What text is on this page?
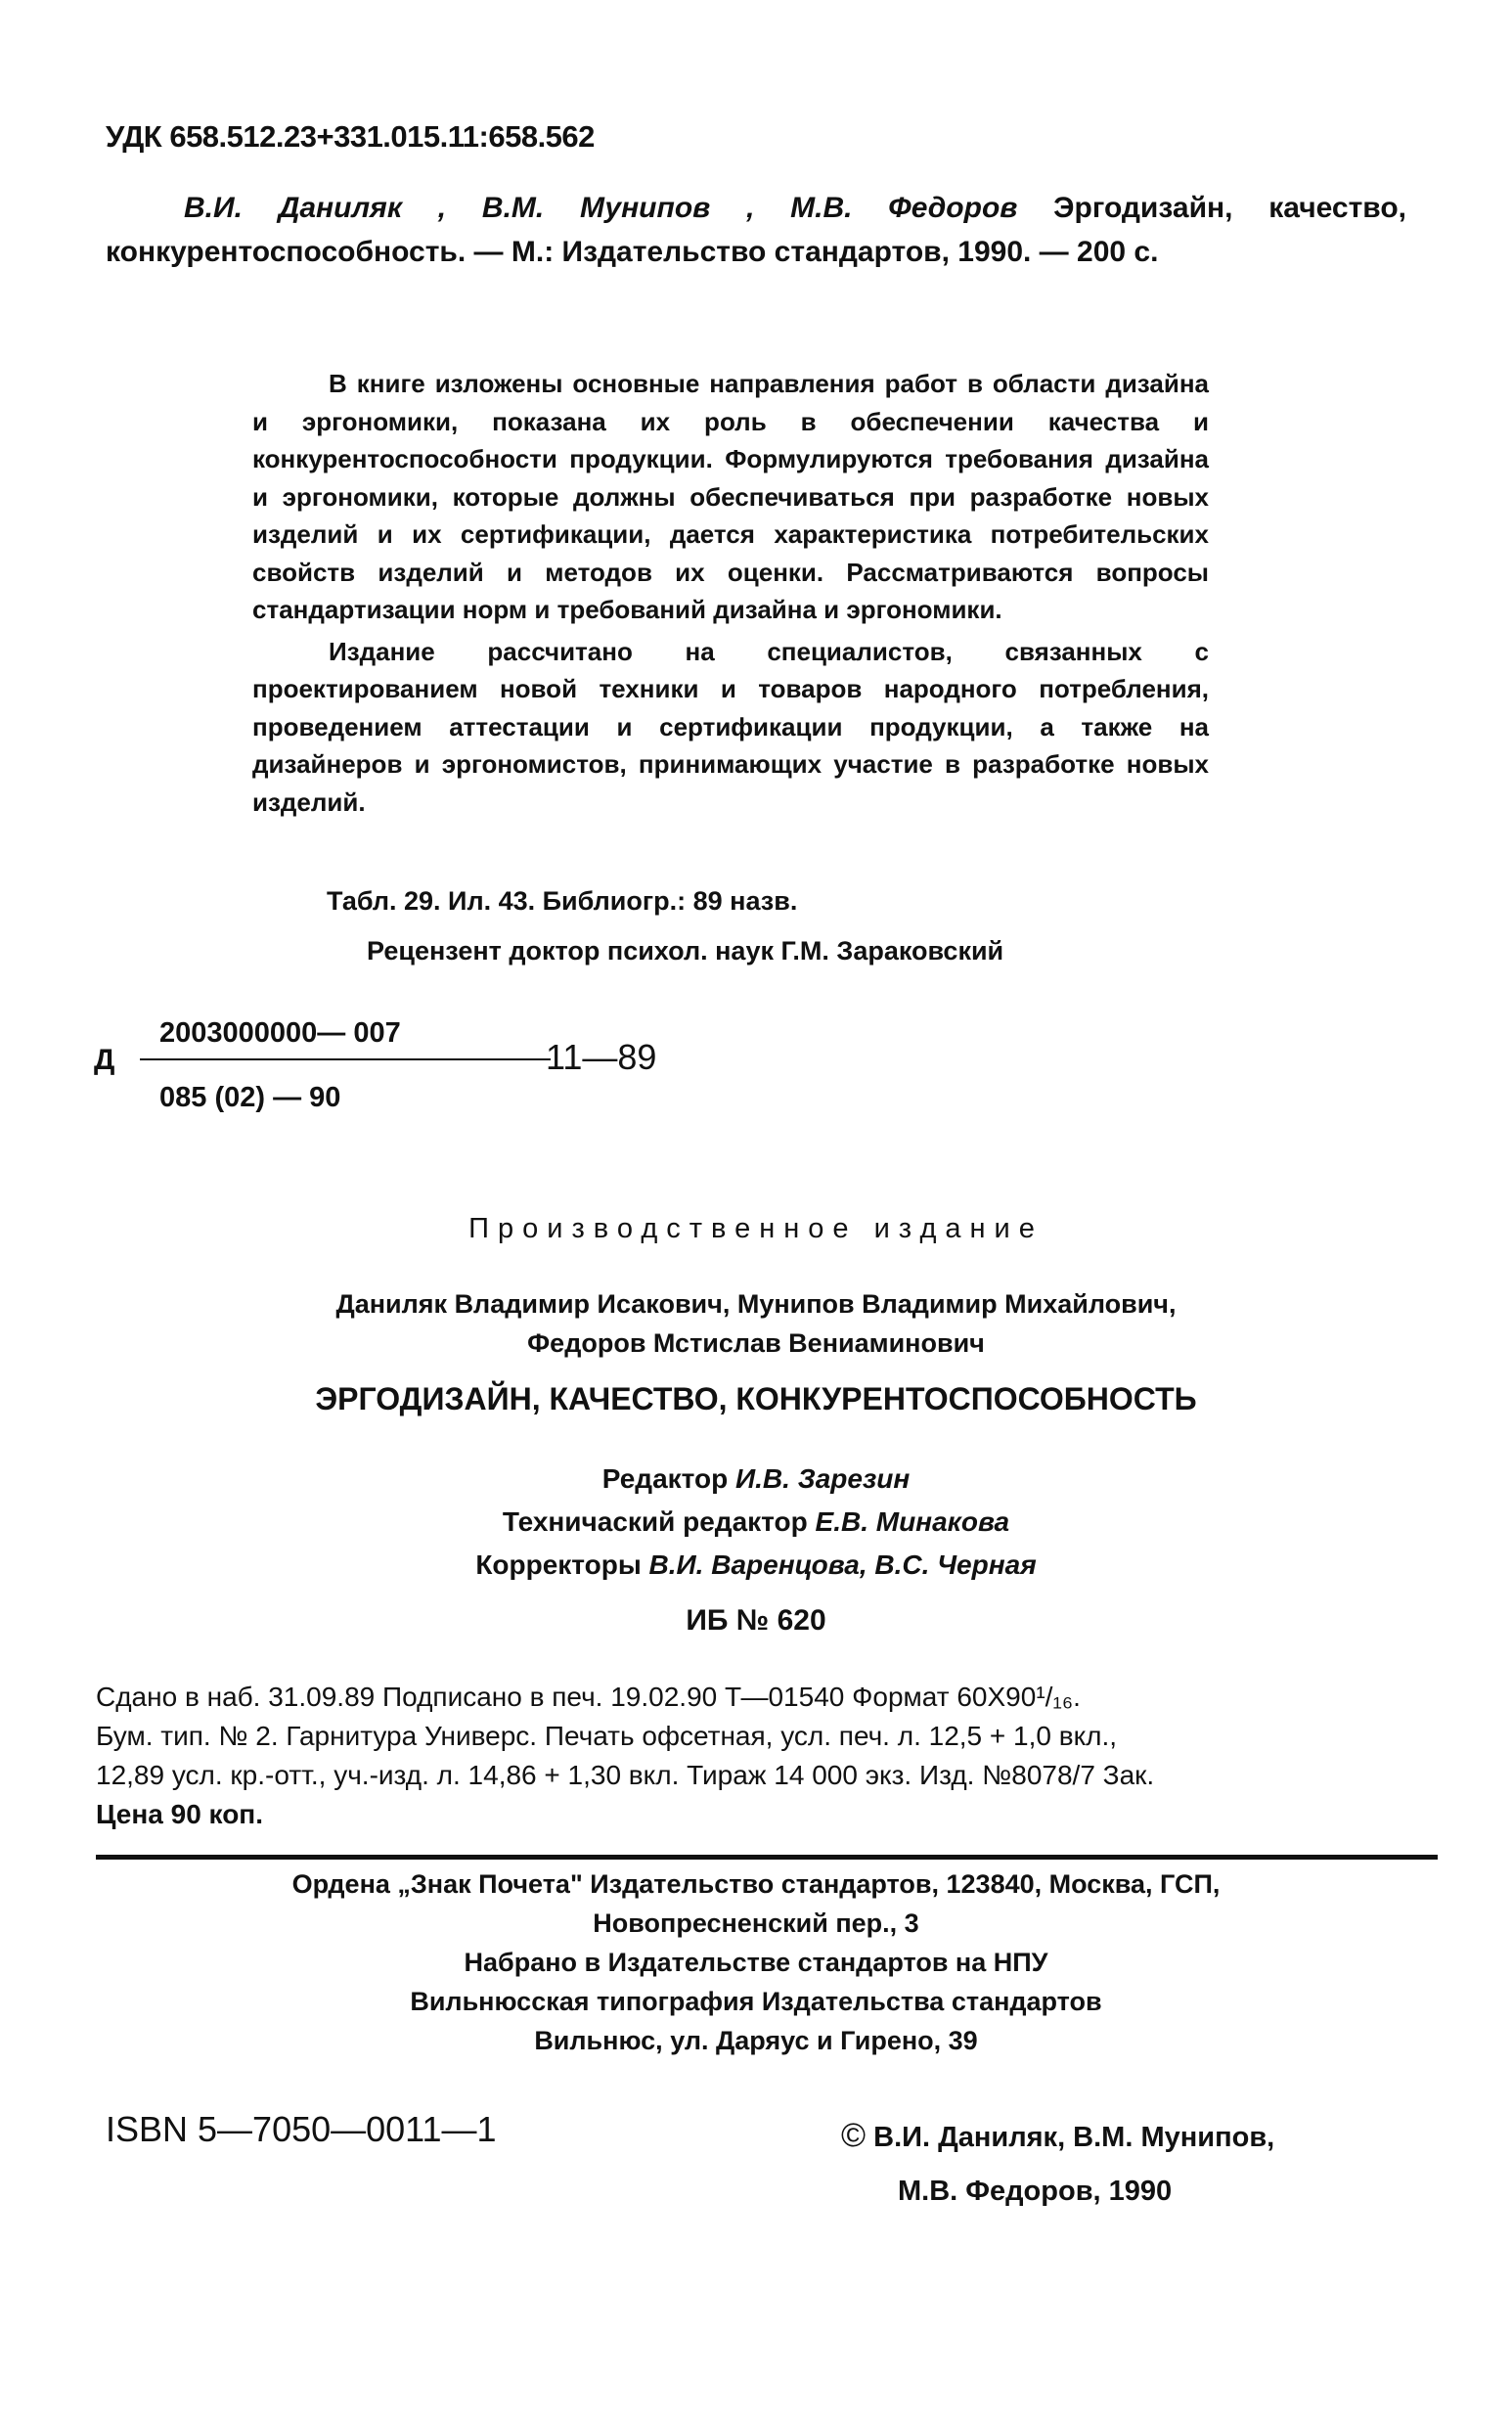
УДК 658.512.23+331.015.11:658.562
В.И. Даниляк , В.М. Мунипов , М.В. Федоров Эргодизайн, качество, конкурентоспособность. — М.: Издательство стандартов, 1990. — 200 с.

В книге изложены основные направления работ в области дизайна и эргономики, показана их роль в обеспечении качества и конкурентоспособности продукции. Формулируются требования дизайна и эргономики, которые должны обеспечиваться при разработке новых изделий и их сертификации, дается характеристика потребительских свойств изделий и методов их оценки. Рассматриваются вопросы стандартизации норм и требований дизайна и эргономики.

Издание рассчитано на специалистов, связанных с проектированием новой техники и товаров народного потребления, проведением аттестации и сертификации продукции, а также на дизайнеров и эргономистов, принимающих участие в разработке новых изделий.

Табл. 29. Ил. 43. Библиогр.: 89 назв.
Рецензент доктор психол. наук Г.М. Зараковский
Д
2003000000— 007
11—89
085 (02) — 90
Производственное издание
Даниляк Владимир Исакович, Мунипов Владимир Михайлович,
Федоров Мстислав Вениаминович
ЭРГОДИЗАЙН, КАЧЕСТВО, КОНКУРЕНТОСПОСОБНОСТЬ
Редактор И.В. Зарезин
Техничаский редактор Е.В. Минакова
Корректоры В.И. Варенцова, В.С. Черная
ИБ № 620
Сдано в наб. 31.09.89 Подписано в печ. 19.02.90 Т—01540 Формат 60Х90¹/₁₆.
Бум. тип. № 2. Гарнитура Универс. Печать офсетная, усл. печ. л. 12,5 + 1,0 вкл.,
12,89 усл. кр.-отт., уч.-изд. л. 14,86 + 1,30 вкл. Тираж 14 000 экз. Изд. №8078/7 Зак.
Цена 90 коп.
Ордена „Знак Почета" Издательство стандартов, 123840, Москва, ГСП,
Новопресненский пер., 3
Набрано в Издательстве стандартов на НПУ
Вильнюсская типография Издательства стандартов
Вильнюс, ул. Даряус и Гирено, 39
ISBN 5—7050—0011—1	© В.И. Даниляк, В.М. Мунипов,
М.В. Федоров, 1990
